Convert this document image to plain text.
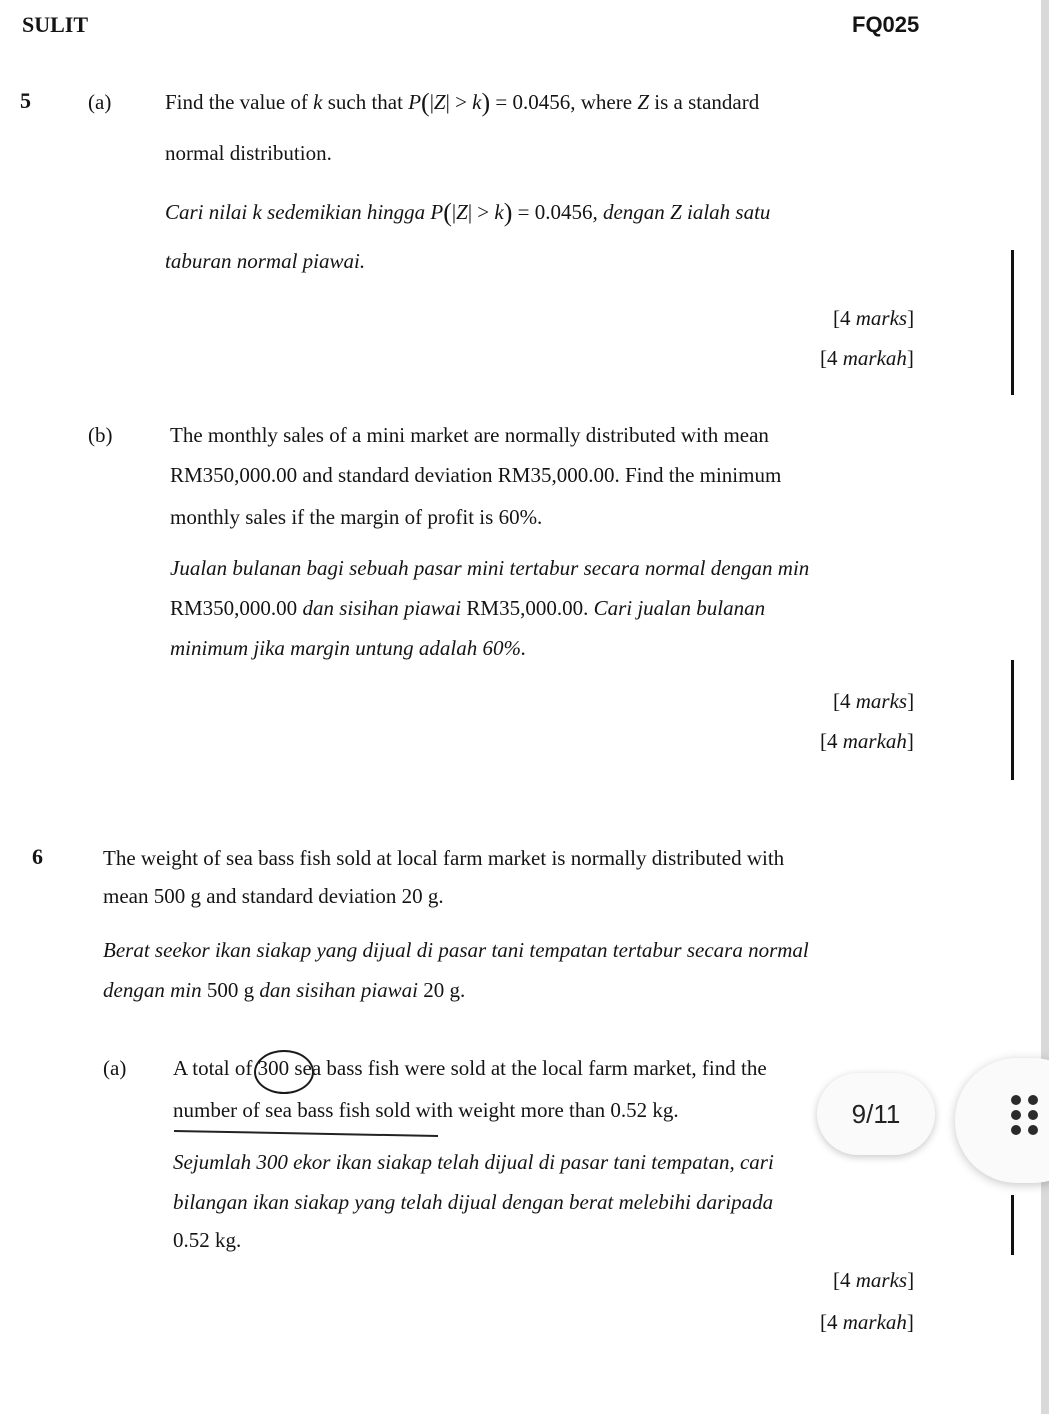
SULIT	FQ025
5	(a)	Find the value of k such that P(|Z| > k) = 0.0456, where Z is a standard
normal distribution.
Cari nilai k sedemikian hingga P(|Z| > k) = 0.0456, dengan Z ialah satu
taburan normal piawai.
[4 marks]
[4 markah]
(b)	The monthly sales of a mini market are normally distributed with mean
RM350,000.00 and standard deviation RM35,000.00. Find the minimum
monthly sales if the margin of profit is 60%.
Jualan bulanan bagi sebuah pasar mini tertabur secara normal dengan min
RM350,000.00 dan sisihan piawai RM35,000.00. Cari jualan bulanan
minimum jika margin untung adalah 60%.
[4 marks]
[4 markah]
6	The weight of sea bass fish sold at local farm market is normally distributed with
mean 500 g and standard deviation 20 g.
Berat seekor ikan siakap yang dijual di pasar tani tempatan tertabur secara normal
dengan min 500 g dan sisihan piawai 20 g.
(a) A total of 300 sea bass fish were sold at the local farm market, find the
number of sea bass fish sold with weight more than 0.52 kg.
Sejumlah 300 ekor ikan siakap telah dijual di pasar tani tempatan, cari
bilangan ikan siakap yang telah dijual dengan berat melebihi daripada
0.52 kg.
[4 marks]
[4 markah]
9/11
